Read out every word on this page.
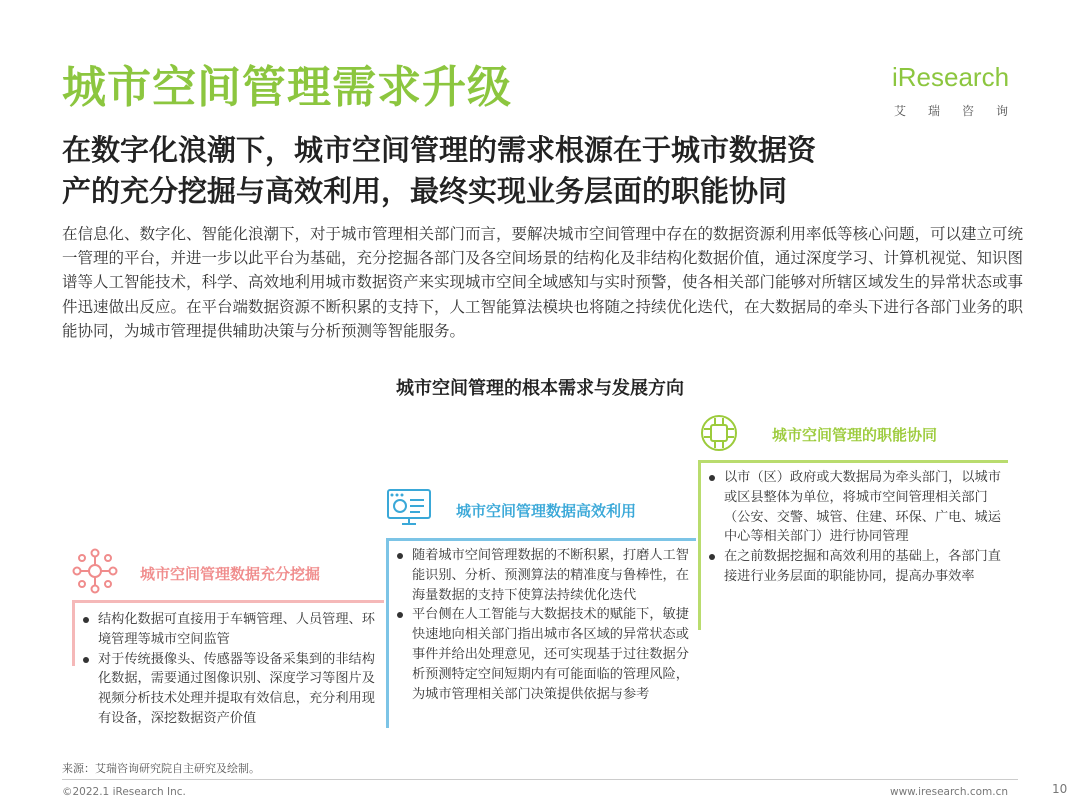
城市空间管理需求升级	iResearch
艾瑞咨询
在数字化浪潮下，城市空间管理的需求根源在于城市数据资
产的充分挖掘与高效利用，最终实现业务层面的职能协同
在信息化、数字化、智能化浪潮下，对于城市管理相关部门而言，要解决城市空间管理中存在的数据资源利用率低等核心问题，可以建立可统一管理的平台，并进一步以此平台为基础，充分挖掘各部门及各空间场景的结构化及非结构化数据价值，通过深度学习、计算机视觉、知识图谱等人工智能技术，科学、高效地利用城市数据资产来实现城市空间全域感知与实时预警，使各相关部门能够对所辖区域发生的异常状态或事件迅速做出反应。在平台端数据资源不断积累的支持下，人工智能算法模块也将随之持续优化迭代，在大数据局的牵头下进行各部门业务的职能协同，为城市管理提供辅助决策与分析预测等智能服务。
城市空间管理的根本需求与发展方向
城市空间管理数据充分挖掘
结构化数据可直接用于车辆管理、人员管理、环境管理等城市空间监管
对于传统摄像头、传感器等设备采集到的非结构化数据，需要通过图像识别、深度学习等图片及视频分析技术处理并提取有效信息，充分利用现有设备，深挖数据资产价值
城市空间管理数据高效利用
随着城市空间管理数据的不断积累，打磨人工智能识别、分析、预测算法的精准度与鲁棒性，在海量数据的支持下使算法持续优化迭代
平台侧在人工智能与大数据技术的赋能下，敏捷快速地向相关部门指出城市各区域的异常状态或事件并给出处理意见，还可实现基于过往数据分析预测特定空间短期内有可能面临的管理风险，为城市管理相关部门决策提供依据与参考
城市空间管理的职能协同
以市（区）政府或大数据局为牵头部门，以城市或区县整体为单位，将城市空间管理相关部门（公安、交警、城管、住建、环保、广电、城运中心等相关部门）进行协同管理
在之前数据挖掘和高效利用的基础上，各部门直接进行业务层面的职能协同，提高办事效率
来源：艾瑞咨询研究院自主研究及绘制。
©2022.1 iResearch Inc.	www.iresearch.com.cn	10
